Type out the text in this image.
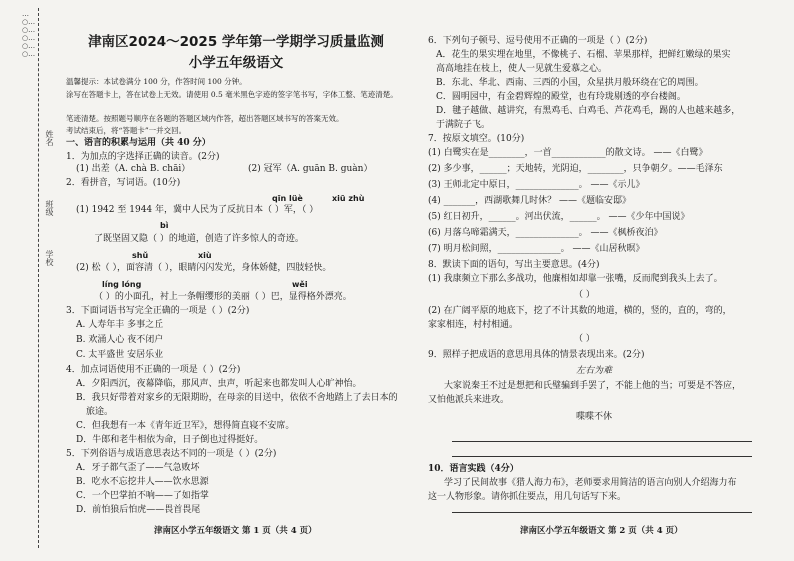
…○…○…○…○…○…
姓名
班级
学校
津南区2024～2025 学年第一学期学习质量监测
小学五年级语文
温馨提示：本试卷满分 100 分，作答时间 100 分钟。
涂写在答题卡上，答在试卷上无效。请使用 0.5 毫米黑色字迹的签字笔书写，字体工整、笔迹清楚。
笔迹清楚。按照题号顺序在各题的答题区域内作答，超出答题区域书写的答案无效。
考试结束后，将“答题卡”一并交回。
一、语言的积累与运用（共 40 分）
1．为加点的字选择正确的读音。(2分)
(1) 出差（A. chà B. chāi）	(2) 冠军（A. guān B. guàn）
2．看拼音，写词语。(10分)
qīn lüè	xiū zhù
(1) 1942 至 1944 年，冀中人民为了反抗日本（ ）军，（ ）
bì
了既坚固又隐（ ）的地道，创造了许多惊人的奇迹。
shǔ	xiù
(2) 松（ ），面容清（ ），眼睛闪闪发光，身体娇健，四肢轻快。
líng lóng	wěi
（ ）的小面孔，衬上一条帽缨形的美丽（ ）巴，显得格外漂亮。
3．下面词语书写完全正确的一项是（ ）(2分)
A. 人寿年丰 多事之丘
B. 欢涌人心 夜不闭户
C. 太平盛世 安居乐业
4．加点词语使用不正确的一项是（ ）(2分)
A．夕阳西沉，夜幕降临，那风声、虫声，听起来也都发叫人心旷神怡。
B．我只好带着对家乡的无限期盼，在母亲的目送中，依依不舍地踏上了去日本的
旅途。
C．但我想有一本《青年近卫军》，想得简直寝不安席。
D．牛郎和老牛相依为命，日子倒也过得挺好。
5．下列俗语与成语意思表达不同的一项是（ ）(2分)
A．牙子都气歪了——气急败坏
B．吃水不忘挖井人——饮水思源
C．一个巴掌拍不响——了如指掌
D．前怕狼后怕虎——畏首畏尾
津南区小学五年级语文 第 1 页（共 4 页）
6．下列句子顿号、逗号使用不正确的一项是（ ）(2分)
A．花生的果实埋在地里，不像桃子、石榴、苹果那样，把鲜红嫩绿的果实
高高地挂在枝上，使人一见就生爱慕之心。
B．东北、华北、西南、三西的小国，众星拱月般环绕在它的周围。
C．圆明园中，有金碧辉煌的殿堂，也有玲珑剔透的亭台楼阁。
D．毽子越做、越讲究，有黑鸡毛、白鸡毛、芦花鸡毛，踢的人也越来越多，
于满院子飞。
7．按原文填空。(10分)
(1) 白鹭实在是________，一首____________的散文诗。 ——《白鹭》
(2) 多少事，______；天地转，光阴迫，________，只争朝夕。——毛泽东
(3) 王师北定中原日，______________。 ——《示儿》
(4) _______，西湖歌舞几时休？ ——《题临安邸》
(5) 红日初升，______。河出伏流，______。 ——《少年中国说》
(6) 月落乌啼霜满天，______________。 ——《枫桥夜泊》
(7) 明月松间照，______________。 ——《山居秋暝》
8．默读下面的语句，写出主要意思。(4分)
(1) 我康频立下那么多战功，他廉相如却靠一张嘴，反而爬到我头上去了。
（ ）
(2) 在广阔平原的地底下，挖了不计其数的地道，横的，竖的，直的，弯的，
家家相连，村村相通。
（ ）
9．照样子把成语的意思用具体的情景表现出来。(2分)
左右为难
大家说秦王不过是想把和氏璧骗到手罢了，不能上他的当；可要是不答应，
又怕他派兵来进攻。
喋喋不休
10．语言实践（4分）
学习了民间故事《猎人海力布》，老师要求用简洁的语言向别人介绍海力布
这一人物形象。请你抓住要点，用几句话写下来。
津南区小学五年级语文 第 2 页（共 4 页）
